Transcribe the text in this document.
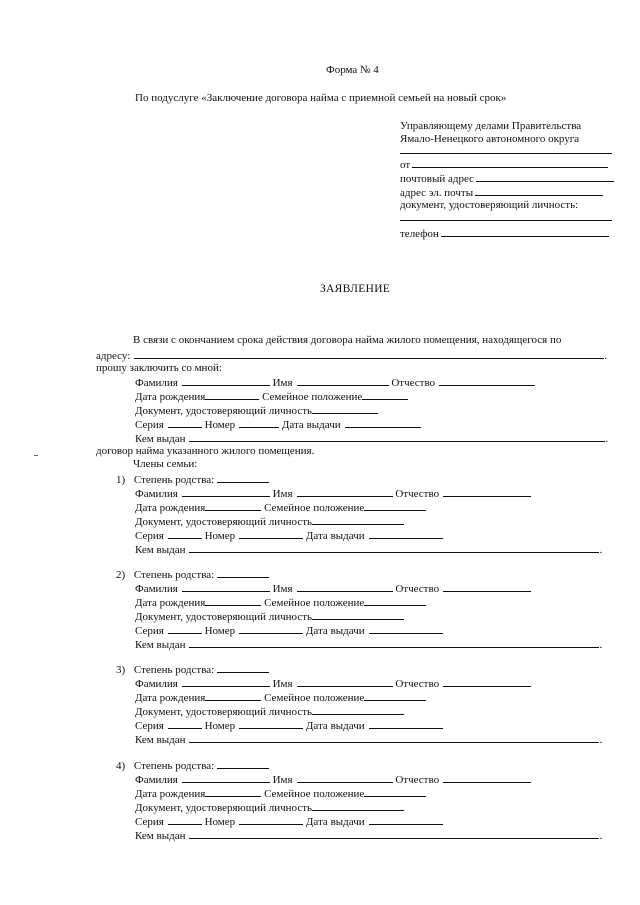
Форма № 4
По подуслуге «Заключение договора найма с приемной семьей на новый срок»
Управляющему делами Правительства
Ямало-Ненецкого автономного округа
от
почтовый адрес
адрес эл. почты
документ, удостоверяющий личность:
телефон
ЗАЯВЛЕНИЕ
В связи с окончанием срока действия договора найма жилого помещения, находящегося по
адресу:	.
прошу заключить со мной:
Фамилия	Имя	Отчество
Дата рождения	Семейное положение
Документ, удостоверяющий личность
Серия	Номер	Дата выдачи
Кем выдан	.
договор найма указанного жилого помещения.
Члены семьи:
1) Степень родства:
Фамилия	Имя	Отчество
Дата рождения	Семейное положение
Документ, удостоверяющий личность
Серия	Номер	Дата выдачи
Кем выдан	.
2) Степень родства:
Фамилия	Имя	Отчество
Дата рождения	Семейное положение
Документ, удостоверяющий личность
Серия	Номер	Дата выдачи
Кем выдан	.
3) Степень родства:
Фамилия	Имя	Отчество
Дата рождения	Семейное положение
Документ, удостоверяющий личность
Серия	Номер	Дата выдачи
Кем выдан	.
4) Степень родства:
Фамилия	Имя	Отчество
Дата рождения	Семейное положение
Документ, удостоверяющий личность
Серия	Номер	Дата выдачи
Кем выдан	.
